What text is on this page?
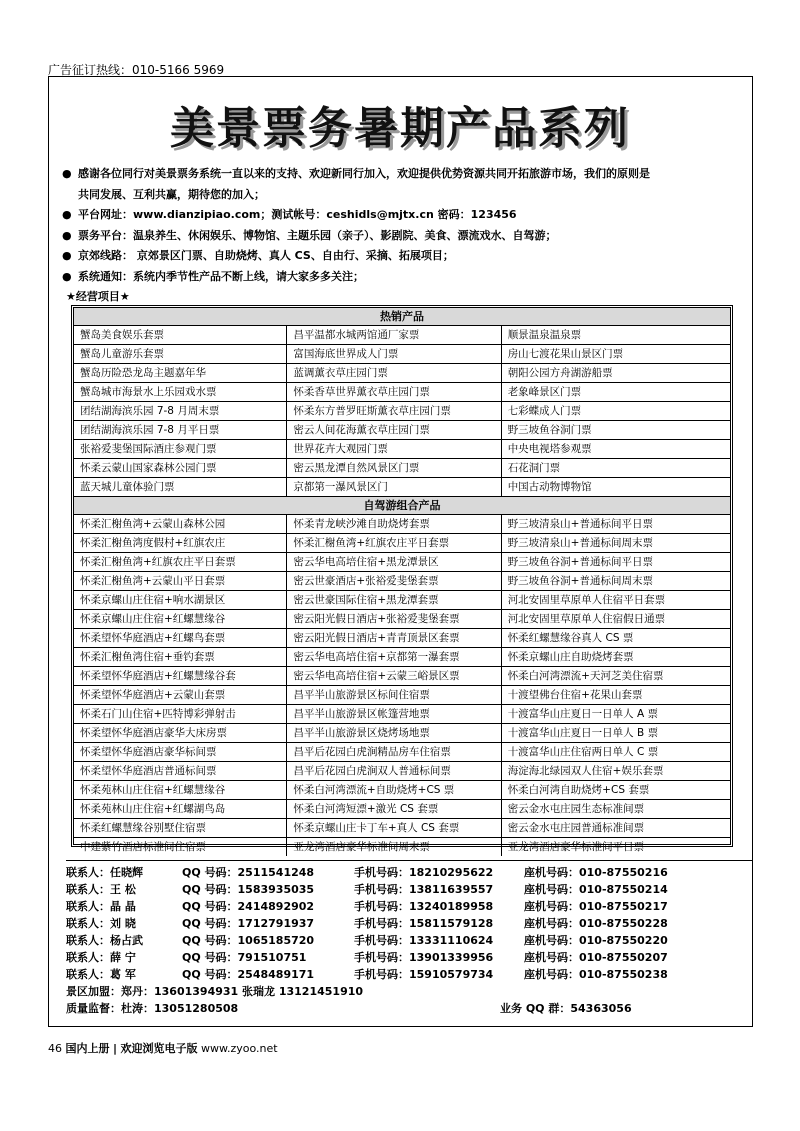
广告征订热线：010-5166 5969
美景票务暑期产品系列
● 感谢各位同行对美景票务系统一直以来的支持、欢迎新同行加入，欢迎提供优势资源共同开拓旅游市场，我们的原则是
共同发展、互利共赢，期待您的加入；
● 平台网址：www.dianzipiao.com；测试帐号：ceshidls@mjtx.cn 密码：123456
● 票务平台：温泉养生、休闲娱乐、博物馆、主题乐园（亲子）、影剧院、美食、漂流戏水、自驾游；
● 京郊线路： 京郊景区门票、自助烧烤、真人 CS、自由行、采摘、拓展项目；
● 系统通知：系统内季节性产品不断上线，请大家多多关注；
★经营项目★
热销产品
蟹岛美食娱乐套票	昌平温都水城两馆通厂家票	顺景温泉温泉票
蟹岛儿童游乐套票	富国海底世界成人门票	房山七渡花果山景区门票
蟹岛历险恐龙岛主题嘉年华	蓝调薰衣草庄园门票	朝阳公园方舟湖游船票
蟹岛城市海景水上乐园戏水票	怀柔香草世界薰衣草庄园门票	老象峰景区门票
团结湖海滨乐园 7-8 月周末票	怀柔东方普罗旺斯薰衣草庄园门票	七彩蝶成人门票
团结湖海滨乐园 7-8 月平日票	密云人间花海薰衣草庄园门票	野三坡鱼谷洞门票
张裕爱斐堡国际酒庄参观门票	世界花卉大观园门票	中央电视塔参观票
怀柔云蒙山国家森林公园门票	密云黑龙潭自然风景区门票	石花洞门票
蓝天城儿童体验门票	京都第一瀑风景区门	中国古动物博物馆
自驾游组合产品
怀柔汇榭鱼湾+云蒙山森林公园	怀柔青龙峡沙滩自助烧烤套票	野三坡清泉山+普通标间平日票
怀柔汇榭鱼湾度假村+红旗农庄	怀柔汇榭鱼湾+红旗农庄平日套票	野三坡清泉山+普通标间周末票
怀柔汇榭鱼湾+红旗农庄平日套票	密云华电高培住宿+黑龙潭景区	野三坡鱼谷洞+普通标间平日票
怀柔汇榭鱼湾+云蒙山平日套票	密云世豪酒店+张裕爱斐堡套票	野三坡鱼谷洞+普通标间周末票
怀柔京螺山庄住宿+响水湖景区	密云世豪国际住宿+黑龙潭套票	河北安固里草原单人住宿平日套票
怀柔京螺山庄住宿+红螺慧缘谷	密云阳光假日酒店+张裕爱斐堡套票	河北安固里草原单人住宿假日通票
怀柔望怀华庭酒店+红螺鸟套票	密云阳光假日酒店+青青顶景区套票	怀柔红螺慧缘谷真人 CS 票
怀柔汇榭鱼湾住宿+垂钓套票	密云华电高培住宿+京都第一瀑套票	怀柔京螺山庄自助烧烤套票
怀柔望怀华庭酒店+红螺慧缘谷套	密云华电高培住宿+云蒙三峪景区票	怀柔白河湾漂流+天河芝美住宿票
怀柔望怀华庭酒店+云蒙山套票	昌平半山旅游景区标间住宿票	十渡望佛台住宿+花果山套票
怀柔石门山住宿+匹特博彩弹射击	昌平半山旅游景区帐篷营地票	十渡富华山庄夏日一日单人 A 票
怀柔望怀华庭酒店豪华大床房票	昌平半山旅游景区烧烤场地票	十渡富华山庄夏日一日单人 B 票
怀柔望怀华庭酒店豪华标间票	昌平后花园白虎涧精品房车住宿票	十渡富华山庄住宿两日单人 C 票
怀柔望怀华庭酒店普通标间票	昌平后花园白虎涧双人普通标间票	海淀海北绿园双人住宿+娱乐套票
怀柔苑林山庄住宿+红螺慧缘谷	怀柔白河湾漂流+自助烧烤+CS 票	怀柔白河湾自助烧烤+CS 套票
怀柔苑林山庄住宿+红螺湖鸟岛	怀柔白河湾短漂+激光 CS 套票	密云金水屯庄园生态标准间票
怀柔红螺慧缘谷别墅住宿票	怀柔京螺山庄卡丁车+真人 CS 套票	密云金水屯庄园普通标准间票
中建紫竹酒店标准间住宿票	亚龙湾酒店豪华标准间周末票	亚龙湾酒店豪华标准间平日票
联系人：任晓辉	QQ 号码：2511541248	手机号码：18210295622	座机号码：010-87550216
联系人：王 松	QQ 号码：1583935035	手机号码：13811639557	座机号码：010-87550214
联系人：晶 晶	QQ 号码：2414892902	手机号码：13240189958	座机号码：010-87550217
联系人：刘 晓	QQ 号码：1712791937	手机号码：15811579128	座机号码：010-87550228
联系人：杨占武	QQ 号码：1065185720	手机号码：13331110624	座机号码：010-87550220
联系人：薛 宁	QQ 号码：791510751	手机号码：13901339956	座机号码：010-87550207
联系人：葛 军	QQ 号码：2548489171	手机号码：15910579734	座机号码：010-87550238
景区加盟：郑丹：13601394931 张瑞龙 13121451910
质量监督：杜涛：13051280508	业务 QQ 群：54363056
46 国内上册 | 欢迎浏览电子版 www.zyoo.net
